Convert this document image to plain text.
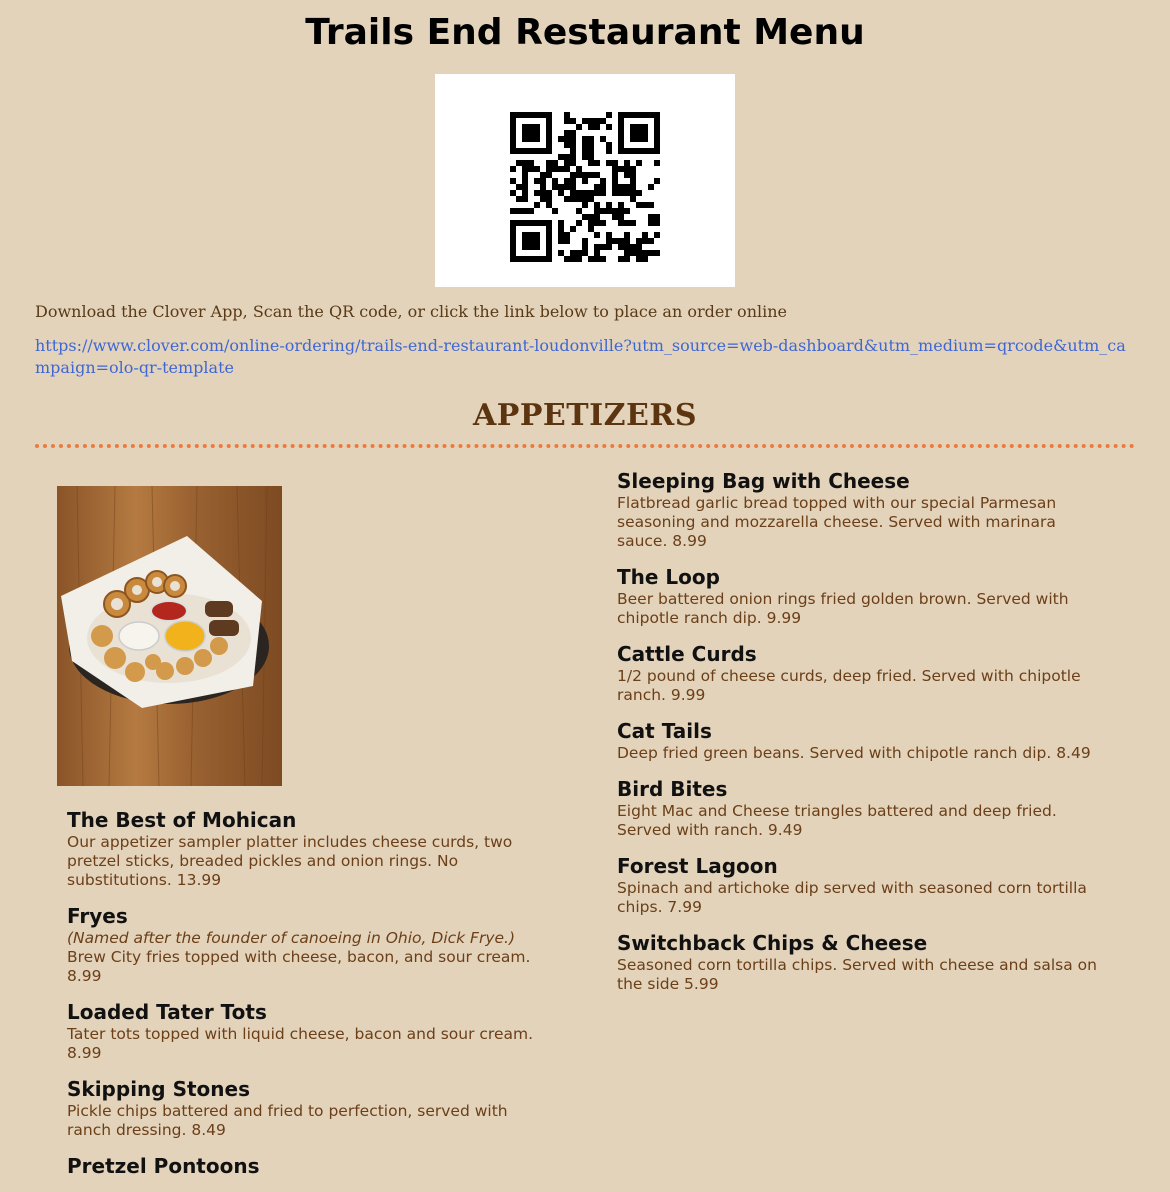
Trails End Restaurant Menu
Download the Clover App, Scan the QR code, or click the link below to place an order online
https://www.clover.com/online-ordering/trails-end-restaurant-loudonville?utm_source=web-dashboard&utm_medium=qrcode&utm_campaign=olo-qr-template
APPETIZERS
The Best of Mohican
Our appetizer sampler platter includes cheese curds, two pretzel sticks, breaded pickles and onion rings. No substitutions. 13.99
Fryes
(Named after the founder of canoeing in Ohio, Dick Frye.) Brew City fries topped with cheese, bacon, and sour cream. 8.99
Loaded Tater Tots
Tater tots topped with liquid cheese, bacon and sour cream. 8.99
Skipping Stones
Pickle chips battered and fried to perfection, served with ranch dressing. 8.49
Pretzel Pontoons
Sleeping Bag with Cheese
Flatbread garlic bread topped with our special Parmesan seasoning and mozzarella cheese. Served with marinara sauce. 8.99
The Loop
Beer battered onion rings fried golden brown. Served with chipotle ranch dip. 9.99
Cattle Curds
1/2 pound of cheese curds, deep fried. Served with chipotle ranch. 9.99
Cat Tails
Deep fried green beans. Served with chipotle ranch dip. 8.49
Bird Bites
Eight Mac and Cheese triangles battered and deep fried. Served with ranch. 9.49
Forest Lagoon
Spinach and artichoke dip served with seasoned corn tortilla chips. 7.99
Switchback Chips & Cheese
Seasoned corn tortilla chips. Served with cheese and salsa on the side 5.99
